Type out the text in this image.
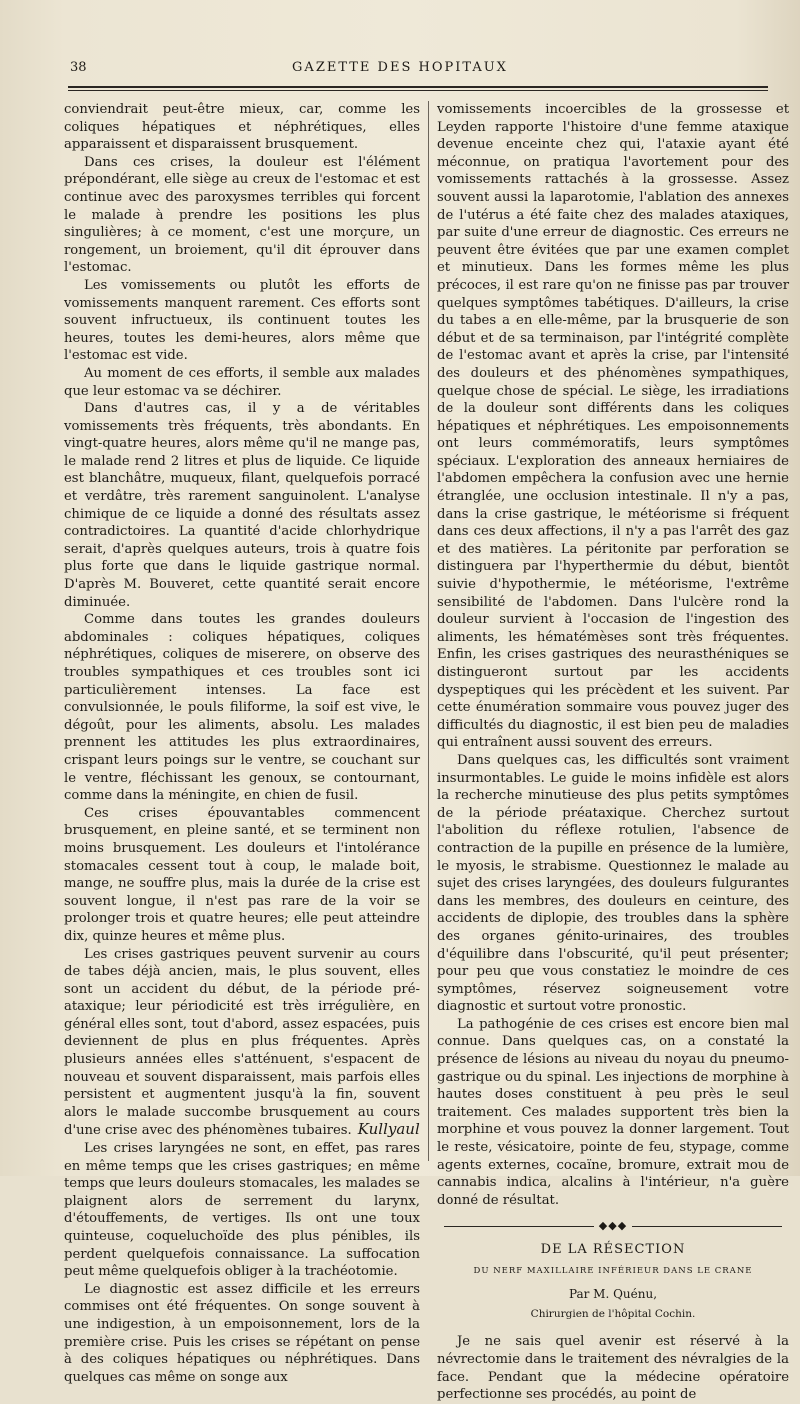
38	GAZETTE DES HOPITAUX

conviendrait peut-être mieux, car, comme les coliques hépatiques et néphrétiques, elles apparaissent et disparaissent brusquement.

Dans ces crises, la douleur est l'élément prépondérant, elle siège au creux de l'estomac et est continue avec des paroxysmes terribles qui forcent le malade à prendre les positions les plus singulières; à ce moment, c'est une morçure, un rongement, un broiement, qu'il dit éprouver dans l'estomac.

Les vomissements ou plutôt les efforts de vomissements manquent rarement. Ces efforts sont souvent infructueux, ils continuent toutes les heures, toutes les demi-heures, alors même que l'estomac est vide.

Au moment de ces efforts, il semble aux malades que leur estomac va se déchirer.

Dans d'autres cas, il y a de véritables vomissements très fréquents, très abondants. En vingt-quatre heures, alors même qu'il ne mange pas, le malade rend 2 litres et plus de liquide. Ce liquide est blanchâtre, muqueux, filant, quelquefois porracé et verdâtre, très rarement sanguinolent. L'analyse chimique de ce liquide a donné des résultats assez contradictoires. La quantité d'acide chlorhydrique serait, d'après quelques auteurs, trois à quatre fois plus forte que dans le liquide gastrique normal. D'après M. Bouveret, cette quantité serait encore diminuée.

Comme dans toutes les grandes douleurs abdominales : coliques hépatiques, coliques néphrétiques, coliques de miserere, on observe des troubles sympathiques et ces troubles sont ici particulièrement intenses. La face est convulsionnée, le pouls filiforme, la soif est vive, le dégoût, pour les aliments, absolu. Les malades prennent les attitudes les plus extraordinaires, crispant leurs poings sur le ventre, se couchant sur le ventre, fléchissant les genoux, se contournant, comme dans la méningite, en chien de fusil.

Ces crises épouvantables commencent brusquement, en pleine santé, et se terminent non moins brusquement. Les douleurs et l'intolérance stomacales cessent tout à coup, le malade boit, mange, ne souffre plus, mais la durée de la crise est souvent longue, il n'est pas rare de la voir se prolonger trois et quatre heures; elle peut atteindre dix, quinze heures et même plus.

Les crises gastriques peuvent survenir au cours de tabes déjà ancien, mais, le plus souvent, elles sont un accident du début, de la période pré-ataxique; leur périodicité est très irrégulière, en général elles sont, tout d'abord, assez espacées, puis deviennent de plus en plus fréquentes. Après plusieurs années elles s'atténuent, s'espacent de nouveau et souvent disparaissent, mais parfois elles persistent et augmentent jusqu'à la fin, souvent alors le malade succombe brusquement au cours d'une crise avec des phénomènes tubaires. Kullyaul

Les crises laryngées ne sont, en effet, pas rares en même temps que les crises gastriques; en même temps que leurs douleurs stomacales, les malades se plaignent alors de serrement du larynx, d'étouffements, de vertiges. Ils ont une toux quinteuse, coqueluchoïde des plus pénibles, ils perdent quelquefois connaissance. La suffocation peut même quelquefois obliger à la trachéotomie.

Le diagnostic est assez difficile et les erreurs commises ont été fréquentes. On songe souvent à une indigestion, à un empoisonnement, lors de la première crise. Puis les crises se répétant on pense à des coliques hépatiques ou néphrétiques. Dans quelques cas même on songe aux

vomissements incoercibles de la grossesse et Leyden rapporte l'histoire d'une femme ataxique devenue enceinte chez qui, l'ataxie ayant été méconnue, on pratiqua l'avortement pour des vomissements rattachés à la grossesse. Assez souvent aussi la laparotomie, l'ablation des annexes de l'utérus a été faite chez des malades ataxiques, par suite d'une erreur de diagnostic. Ces erreurs ne peuvent être évitées que par une examen complet et minutieux. Dans les formes même les plus précoces, il est rare qu'on ne finisse pas par trouver quelques symptômes tabétiques. D'ailleurs, la crise du tabes a en elle-même, par la brusquerie de son début et de sa terminaison, par l'intégrité complète de l'estomac avant et après la crise, par l'intensité des douleurs et des phénomènes sympathiques, quelque chose de spécial. Le siège, les irradiations de la douleur sont différents dans les coliques hépatiques et néphrétiques. Les empoisonnements ont leurs commémoratifs, leurs symptômes spéciaux. L'exploration des anneaux herniaires de l'abdomen empêchera la confusion avec une hernie étranglée, une occlusion intestinale. Il n'y a pas, dans la crise gastrique, le météorisme si fréquent dans ces deux affections, il n'y a pas l'arrêt des gaz et des matières. La péritonite par perforation se distinguera par l'hyperthermie du début, bientôt suivie d'hypothermie, le météorisme, l'extrême sensibilité de l'abdomen. Dans l'ulcère rond la douleur survient à l'occasion de l'ingestion des aliments, les hématémèses sont très fréquentes. Enfin, les crises gastriques des neurasthéniques se distingueront surtout par les accidents dyspeptiques qui les précèdent et les suivent. Par cette énumération sommaire vous pouvez juger des difficultés du diagnostic, il est bien peu de maladies qui entraînent aussi souvent des erreurs.

Dans quelques cas, les difficultés sont vraiment insurmontables. Le guide le moins infidèle est alors la recherche minutieuse des plus petits symptômes de la période préataxique. Cherchez surtout l'abolition du réflexe rotulien, l'absence de contraction de la pupille en présence de la lumière, le myosis, le strabisme. Questionnez le malade au sujet des crises laryngées, des douleurs fulgurantes dans les membres, des douleurs en ceinture, des accidents de diplopie, des troubles dans la sphère des organes génito-urinaires, des troubles d'équilibre dans l'obscurité, qu'il peut présenter; pour peu que vous constatiez le moindre de ces symptômes, réservez soigneusement votre diagnostic et surtout votre pronostic.

La pathogénie de ces crises est encore bien mal connue. Dans quelques cas, on a constaté la présence de lésions au niveau du noyau du pneumo-gastrique ou du spinal. Les injections de morphine à hautes doses constituent à peu près le seul traitement. Ces malades supportent très bien la morphine et vous pouvez la donner largement. Tout le reste, vésicatoire, pointe de feu, stypage, comme agents externes, cocaïne, bromure, extrait mou de cannabis indica, alcalins à l'intérieur, n'a guère donné de résultat.

◆◆◆
DE LA RÉSECTION
DU NERF MAXILLAIRE INFÉRIEUR DANS LE CRANE
Par M. Quénu,
Chirurgien de l'hôpital Cochin.

Je ne sais quel avenir est réservé à la névrectomie dans le traitement des névralgies de la face. Pendant que la médecine opératoire perfectionne ses procédés, au point de
